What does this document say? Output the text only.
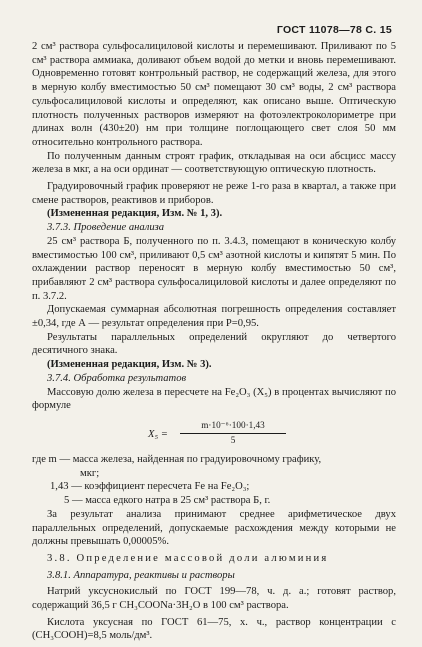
ГОСТ 11078—78 С. 15

2 см³ раствора сульфосалициловой кислоты и перемешивают. Приливают по 5 см³ раствора аммиака, доливают объем водой до метки и вновь перемешивают. Одновременно готовят контрольный раствор, не содержащий железа, для этого в мерную колбу вместимостью 50 см³ помещают 30 см³ воды, 2 см³ раствора сульфосалициловой кислоты и определяют, как описано выше. Оптическую плотность полученных растворов измеряют на фотоэлектроколориметре при длинах волн (430±20) нм при толщине поглощающего свет слоя 50 мм относительно контрольного раствора.

По полученным данным строят график, откладывая на оси абсцисс массу железа в мкг, а на оси ординат — соответствующую оптическую плотность.

Градуировочный график проверяют не реже 1-го раза в квартал, а также при смене растворов, реактивов и приборов.

(Измененная редакция, Изм. № 1, 3).

3.7.3. Проведение анализа

25 см³ раствора Б, полученного по п. 3.4.3, помещают в коническую колбу вместимостью 100 см³, приливают 0,5 см³ азотной кислоты и кипятят 5 мин. По охлаждении раствор переносят в мерную колбу вместимостью 50 см³, прибавляют 2 см³ раствора сульфосалициловой кислоты и далее определяют по п. 3.7.2.

Допускаемая суммарная абсолютная погрешность определения составляет ±0,34, где А — результат определения при Р=0,95.

Результаты параллельных определений округляют до четвертого десятичного знака.

(Измененная редакция, Изм. № 3).

3.7.4. Обработка результатов

Массовую долю железа в пересчете на Fe₂O₃ (X₅) в процентах вычисляют по формуле

$X_5 = \frac{\text{m·10⁻⁶·100·1,43}}{5}$

где m — масса железа, найденная по градуировочному графику,
мкг;
1,43 — коэффициент пересчета Fe на Fe₂O₃;
5 — масса едкого натра в 25 см³ раствора Б, г.

За результат анализа принимают среднее арифметическое двух параллельных определений, допускаемые расхождения между которыми не должны превышать 0,00005%.

3.8. Определение массовой доли алюминия

3.8.1. Аппаратура, реактивы и растворы

Натрий уксуснокислый по ГОСТ 199—78, ч. д. а.; готовят раствор, содержащий 36,5 г CH₃COONa·3H₂O в 100 см³ раствора.

Кислота уксусная по ГОСТ 61—75, х. ч., раствор концентрации c (CH₃COOH)=8,5 моль/дм³.
